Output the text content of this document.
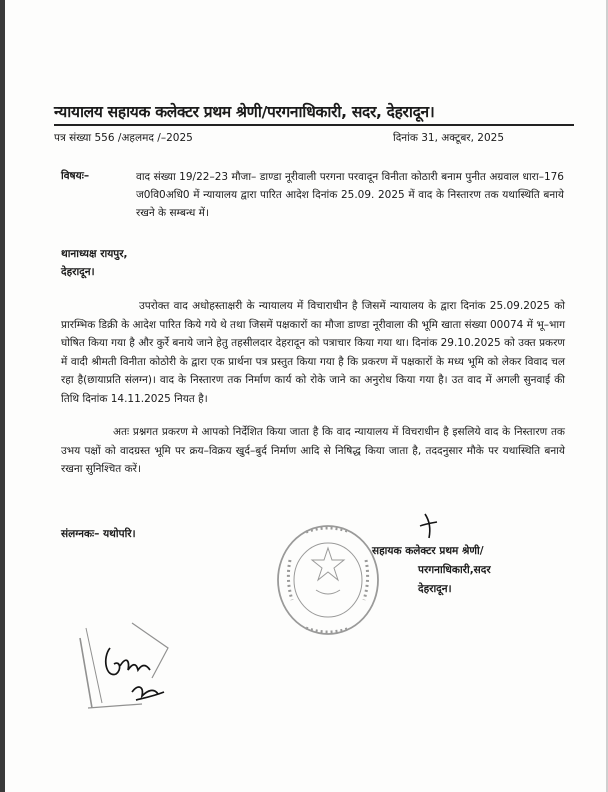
न्यायालय सहायक कलेक्टर प्रथम श्रेणी/परगनाधिकारी, सदर, देहरादून।
पत्र संख्या 556 /अहलमद /–2025	दिनांक 31, अक्टूबर, 2025
विषयः–	वाद संख्या 19/22–23 मौजा– डाण्डा नूरीवाली परगना परवादून विनीता कोठारी बनाम पुनीत अग्रवाल धारा–176 ज0वि0अधि0 में न्यायालय द्वारा पारित आदेश दिनांक 25.09. 2025 में वाद के निस्तारण तक यथास्थिति बनाये रखने के सम्बन्ध में।
थानाध्यक्ष रायपुर,
देहरादून।
उपरोक्त वाद अधोहस्ताक्षरी के न्यायालय में विचाराधीन है जिसमें न्यायालय के द्वारा दिनांक 25.09.2025 को प्रारम्भिक डिक्री के आदेश पारित किये गये थे तथा जिसमें पक्षकारों का मौजा डाण्डा नूरीवाला की भूमि खाता संख्या 00074 में भू–भाग घोषित किया गया है और कुर्रे बनाये जाने हेतु तहसीलदार देहरादून को पत्राचार किया गया था। दिनांक 29.10.2025 को उक्त प्रकरण में वादी श्रीमती विनीता कोठोरी के द्वारा एक प्रार्थना पत्र प्रस्तुत किया गया है कि प्रकरण में पक्षकारों के मध्य भूमि को लेकर विवाद चल रहा है(छायाप्रति संलग्न)। वाद के निस्तारण तक निर्माण कार्य को रोके जाने का अनुरोध किया गया है। उत वाद में अगली सुनवाई की तिथि दिनांक 14.11.2025 नियत है।
अतः प्रश्नगत प्रकरण मे आपको निर्देशित किया जाता है कि वाद न्यायालय में विचराधीन है इसलिये वाद के निस्तारण तक उभय पक्षों को वादग्रस्त भूमि पर क्रय–विक्रय खुर्द–बुर्द निर्माण आदि से निषिद्ध किया जाता है, तददनुसार मौके पर यथास्थिति बनाये रखना सुनिश्चित करें।
संलग्नकः– यथोपरि।
सहायक कलेक्टर प्रथम श्रेणी/
परगनाधिकारी,सदर
देहरादून।
